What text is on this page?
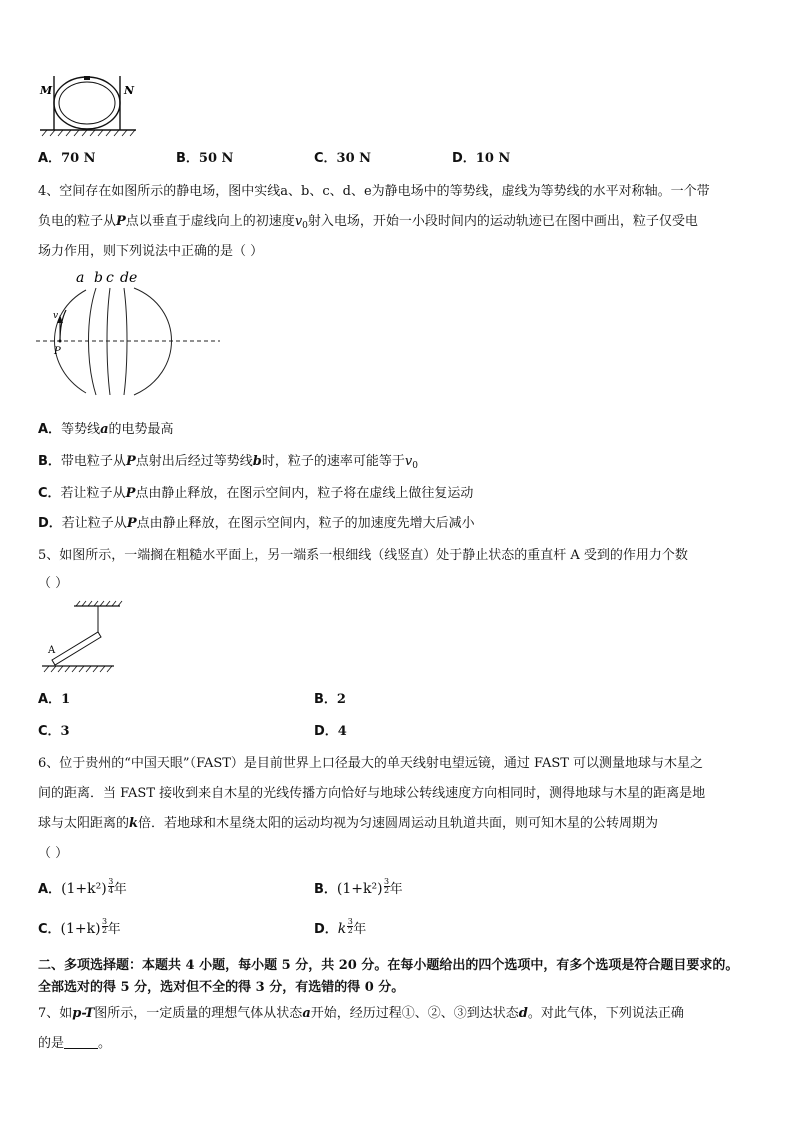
M	N
A．70 N	B．50 N	C．30 N	D．10 N
4、空间存在如图所示的静电场，图中实线a、b、c、d、e为静电场中的等势线，虚线为等势线的水平对称轴。一个带
负电的粒子从P点以垂直于虚线向上的初速度$v_0$射入电场，开始一小段时间内的运动轨迹已在图中画出，粒子仅受电
场力作用，则下列说法中正确的是（ ）
a b c de
v
P
A．等势线a的电势最高
B．带电粒子从P点射出后经过等势线b时，粒子的速率可能等于$v_0$
C．若让粒子从P点由静止释放，在图示空间内，粒子将在虚线上做往复运动
D．若让粒子从P点由静止释放，在图示空间内，粒子的加速度先增大后减小
5、如图所示，一端搁在粗糙水平面上，另一端系一根细线（线竖直）处于静止状态的重直杆 A 受到的作用力个数
（ ）
A
A．1	B．2
C．3	D．4
6、位于贵州的“中国天眼”（FAST）是目前世界上口径最大的单天线射电望远镜，通过 FAST 可以测量地球与木星之
间的距离．当 FAST 接收到来自木星的光线传播方向恰好与地球公转线速度方向相同时，测得地球与木星的距离是地
球与太阳距离的k倍．若地球和木星绕太阳的运动均视为匀速圆周运动且轨道共面，则可知木星的公转周期为
（ ）
A．$(1+k^2) \frac{3}{4}$ 年	B．$(1+k^2) \frac{3}{2}$ 年
C．$(1+k) \frac{3}{2}$ 年	D．k $\frac{3}{2}$ 年
二、多项选择题：本题共 4 小题，每小题 5 分，共 20 分。在每小题给出的四个选项中，有多个选项是符合题目要求的。
全部选对的得 5 分，选对但不全的得 3 分，有选错的得 0 分。
7、如p-T图所示，一定质量的理想气体从状态a开始，经历过程①、②、③到达状态d。对此气体，下列说法正确
的是	。
